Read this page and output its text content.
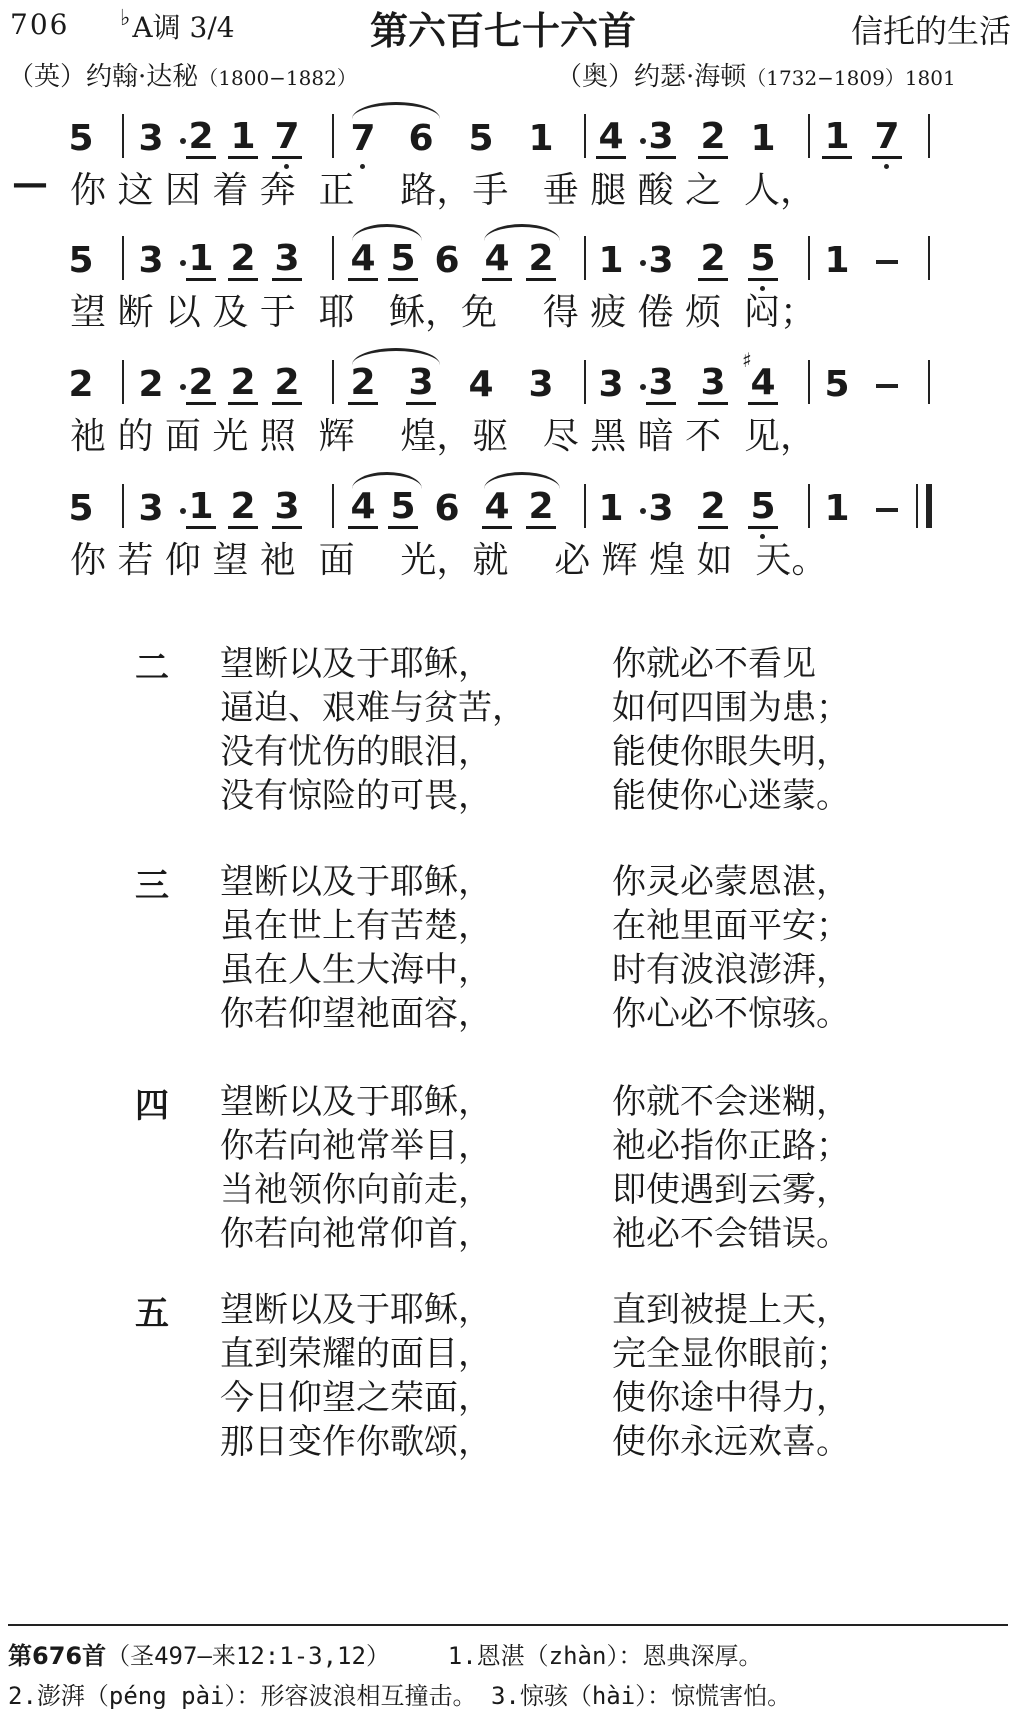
706 ♭A调 3/4	第六百七十六首	信托的生活
（英）约翰·达秘（1800−1882）	（奥）约瑟·海顿（1732−1809）1801
—
5 3 2 1 7 7 6 5 1 4 3 2 1 1 7
你 这 因 着 奔  正    路，手   垂 腿 酸 之  人，
5 3 1 2 3 4 5 6 4 2 1 3 2 5 1
望 断 以 及 于  耶   稣，免    得 疲 倦 烦  闷；
2 2 2 2 2 2 3 4 3 3 3 3 4 5
♯
祂 的 面 光 照  辉    煌，驱   尽 黑 暗 不  见，
5 3 1 2 3 4 5 6 4 2 1 3 2 5 1
你 若 仰 望 祂  面    光，就    必 辉 煌 如  天。
二 望断以及于耶稣，	你就必不看见
逼迫、艰难与贫苦，	如何四围为患；
没有忧伤的眼泪，	能使你眼失明，
没有惊险的可畏，	能使你心迷蒙。
三 望断以及于耶稣，	你灵必蒙恩湛，
虽在世上有苦楚，	在祂里面平安；
虽在人生大海中，	时有波浪澎湃，
你若仰望祂面容，	你心必不惊骇。
四 望断以及于耶稣，	你就不会迷糊，
你若向祂常举目，	祂必指你正路；
当祂领你向前走，	即使遇到云雾，
你若向祂常仰首，	祂必不会错误。
五 望断以及于耶稣，	直到被提上天，
直到荣耀的面目，	完全显你眼前；
今日仰望之荣面，	使你途中得力，
那日变作你歌颂，	使你永远欢喜。
第676首（圣497—来12:1-3,12） 1.恩湛（zhàn）：恩典深厚。
2.澎湃（péng pài）：形容波浪相互撞击。 3.惊骇（hài）：惊慌害怕。
